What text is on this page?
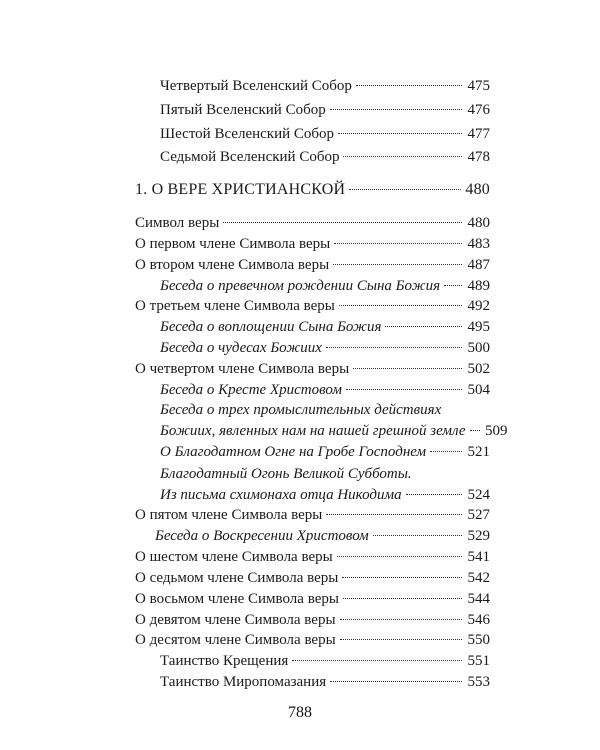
Четвертый Вселенский Собор	475
Пятый Вселенский Собор	476
Шестой Вселенский Собор	477
Седьмой Вселенский Собор	478
1. О ВЕРЕ ХРИСТИАНСКОЙ	480
Символ веры	480
О первом члене Символа веры	483
О втором члене Символа веры	487
Беседа о превечном рождении Сына Божия 489
О третьем члене Символа веры	492
Беседа о воплощении Сына Божия	495
Беседа о чудесах Божиих	500
О четвертом члене Символа веры	502
Беседа о Кресте Христовом	504
Беседа о трех промыслительных действиях
Божиих, явленных нам на нашей грешной земле 509
О Благодатном Огне на Гробе Господнем	521
Благодатный Огонь Великой Субботы.
Из письма схимонаха отца Никодима	524
О пятом члене Символа веры	527
Беседа о Воскресении Христовом	529
О шестом члене Символа веры	541
О седьмом члене Символа веры	542
О восьмом члене Символа веры	544
О девятом члене Символа веры	546
О десятом члене Символа веры	550
Таинство Крещения	551
Таинство Миропомазания	553

788
